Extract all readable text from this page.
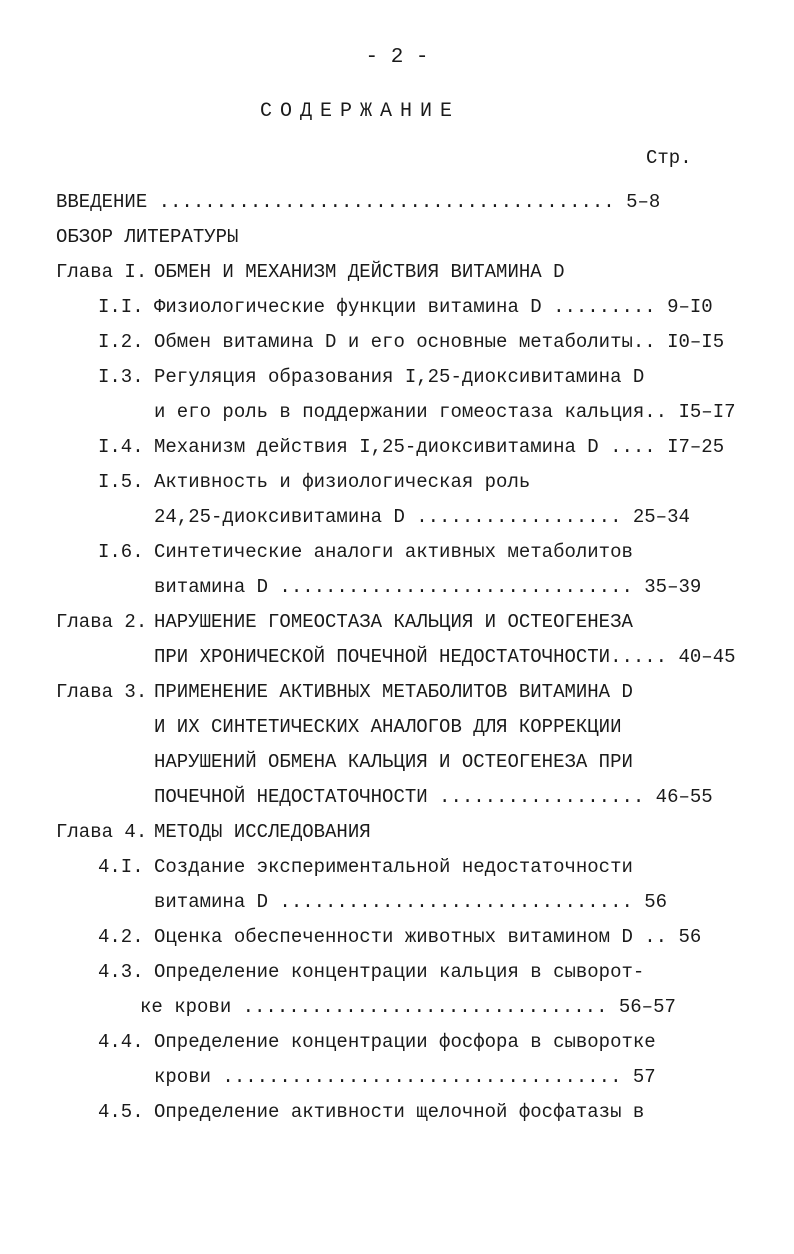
- 2 -
СОДЕРЖАНИЕ
Стр.
ВВЕДЕНИЕ ........................................ 5–8
ОБЗОР ЛИТЕРАТУРЫ
Глава I. ОБМЕН И МЕХАНИЗМ ДЕЙСТВИЯ ВИТАМИНА D
I.I. Физиологические функции витамина D ......... 9–I0
I.2. Обмен витамина D и его основные метаболиты.. I0–I5
I.3. Регуляция образования I,25-диоксивитамина D
и его роль в поддержании гомеостаза кальция.. I5–I7
I.4. Механизм действия I,25-диоксивитамина D .... I7–25
I.5. Активность и физиологическая роль
24,25-диоксивитамина D .................. 25–34
I.6. Синтетические аналоги активных метаболитов
витамина D ............................... 35–39
Глава 2. НАРУШЕНИЕ ГОМЕОСТАЗА КАЛЬЦИЯ И ОСТЕОГЕНЕЗА
ПРИ ХРОНИЧЕСКОЙ ПОЧЕЧНОЙ НЕДОСТАТОЧНОСТИ..... 40–45
Глава 3. ПРИМЕНЕНИЕ АКТИВНЫХ МЕТАБОЛИТОВ ВИТАМИНА D
И ИХ СИНТЕТИЧЕСКИХ АНАЛОГОВ ДЛЯ КОРРЕКЦИИ
НАРУШЕНИЙ ОБМЕНА КАЛЬЦИЯ И ОСТЕОГЕНЕЗА ПРИ
ПОЧЕЧНОЙ НЕДОСТАТОЧНОСТИ .................. 46–55
Глава 4. МЕТОДЫ ИССЛЕДОВАНИЯ
4.I. Создание экспериментальной недостаточности
витамина D ............................... 56
4.2. Оценка обеспеченности животных витамином D .. 56
4.3. Определение концентрации кальция в сыворот-
ке крови ................................ 56–57
4.4. Определение концентрации фосфора в сыворотке
крови ................................... 57
4.5. Определение активности щелочной фосфатазы в
